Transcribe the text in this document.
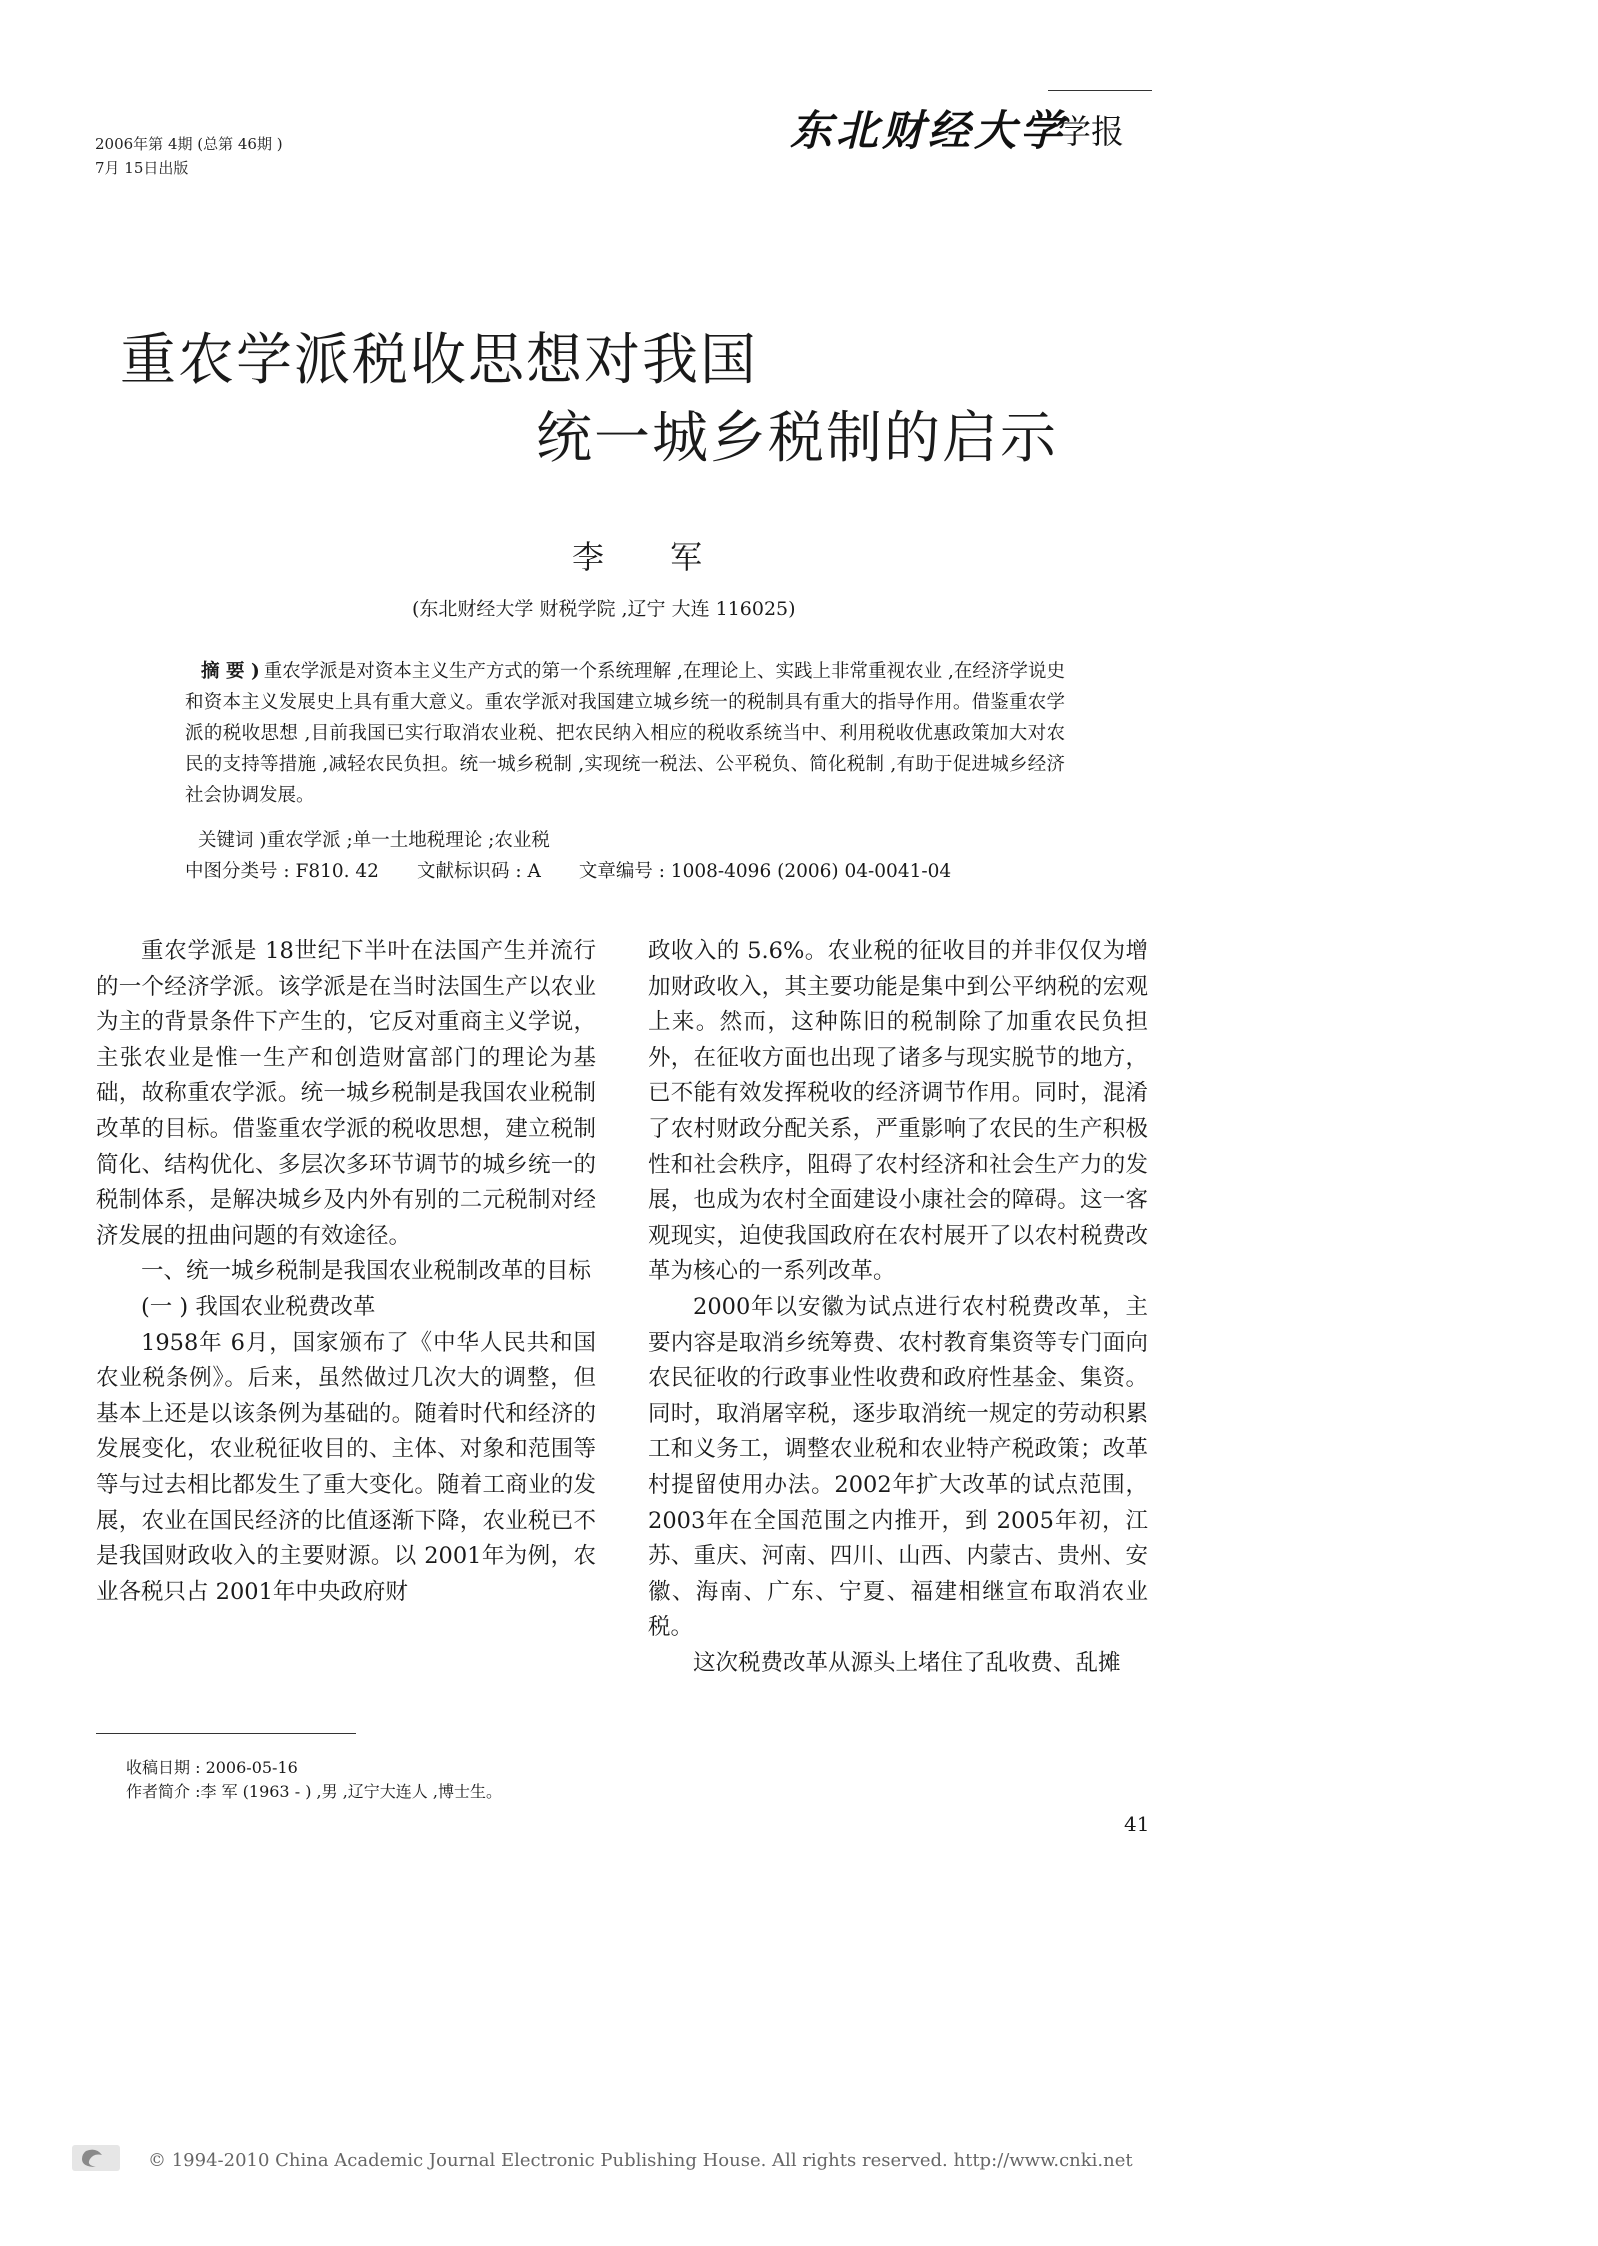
2006年第 4期 (总第 46期 )
7月 15日出版
东北财经大学
学报
重农学派税收思想对我国
统一城乡税制的启示
李 军
(东北财经大学 财税学院 ,辽宁 大连 116025)

摘 要 ) 重农学派是对资本主义生产方式的第一个系统理解 ,在理论上、实践上非常重视农业 ,在经济学说史和资本主义发展史上具有重大意义。重农学派对我国建立城乡统一的税制具有重大的指导作用。借鉴重农学派的税收思想 ,目前我国已实行取消农业税、把农民纳入相应的税收系统当中、利用税收优惠政策加大对农民的支持等措施 ,减轻农民负担。统一城乡税制 ,实现统一税法、公平税负、简化税制 ,有助于促进城乡经济社会协调发展。

关键词 )重农学派 ;单一土地税理论 ;农业税
中图分类号 : F810. 42 文献标识码 : A 文章编号 : 1008-4096 (2006) 04-0041-04

重农学派是 18世纪下半叶在法国产生并流行的一个经济学派。该学派是在当时法国生产以农业为主的背景条件下产生的，它反对重商主义学说，主张农业是惟一生产和创造财富部门的理论为基础，故称重农学派。统一城乡税制是我国农业税制改革的目标。借鉴重农学派的税收思想，建立税制简化、结构优化、多层次多环节调节的城乡统一的税制体系，是解决城乡及内外有别的二元税制对经济发展的扭曲问题的有效途径。

一、统一城乡税制是我国农业税制改革的目标

(一 ) 我国农业税费改革

1958年 6月，国家颁布了《中华人民共和国农业税条例》。后来，虽然做过几次大的调整，但基本上还是以该条例为基础的。随着时代和经济的发展变化，农业税征收目的、主体、对象和范围等等与过去相比都发生了重大变化。随着工商业的发展，农业在国民经济的比值逐渐下降，农业税已不是我国财政收入的主要财源。以 2001年为例，农业各税只占 2001年中央政府财

政收入的 5.6%。农业税的征收目的并非仅仅为增加财政收入，其主要功能是集中到公平纳税的宏观上来。然而，这种陈旧的税制除了加重农民负担外，在征收方面也出现了诸多与现实脱节的地方，已不能有效发挥税收的经济调节作用。同时，混淆了农村财政分配关系，严重影响了农民的生产积极性和社会秩序，阻碍了农村经济和社会生产力的发展，也成为农村全面建设小康社会的障碍。这一客观现实，迫使我国政府在农村展开了以农村税费改革为核心的一系列改革。

2000年以安徽为试点进行农村税费改革，主要内容是取消乡统筹费、农村教育集资等专门面向农民征收的行政事业性收费和政府性基金、集资。同时，取消屠宰税，逐步取消统一规定的劳动积累工和义务工，调整农业税和农业特产税政策；改革村提留使用办法。2002年扩大改革的试点范围，2003年在全国范围之内推开，到 2005年初，江苏、重庆、河南、四川、山西、内蒙古、贵州、安徽、海南、广东、宁夏、福建相继宣布取消农业税。

这次税费改革从源头上堵住了乱收费、乱摊

收稿日期 : 2006-05-16
作者简介 :李 军 (1963 - ) ,男 ,辽宁大连人 ,博士生。
41
© 1994-2010 China Academic Journal Electronic Publishing House. All rights reserved. http://www.cnki.net
